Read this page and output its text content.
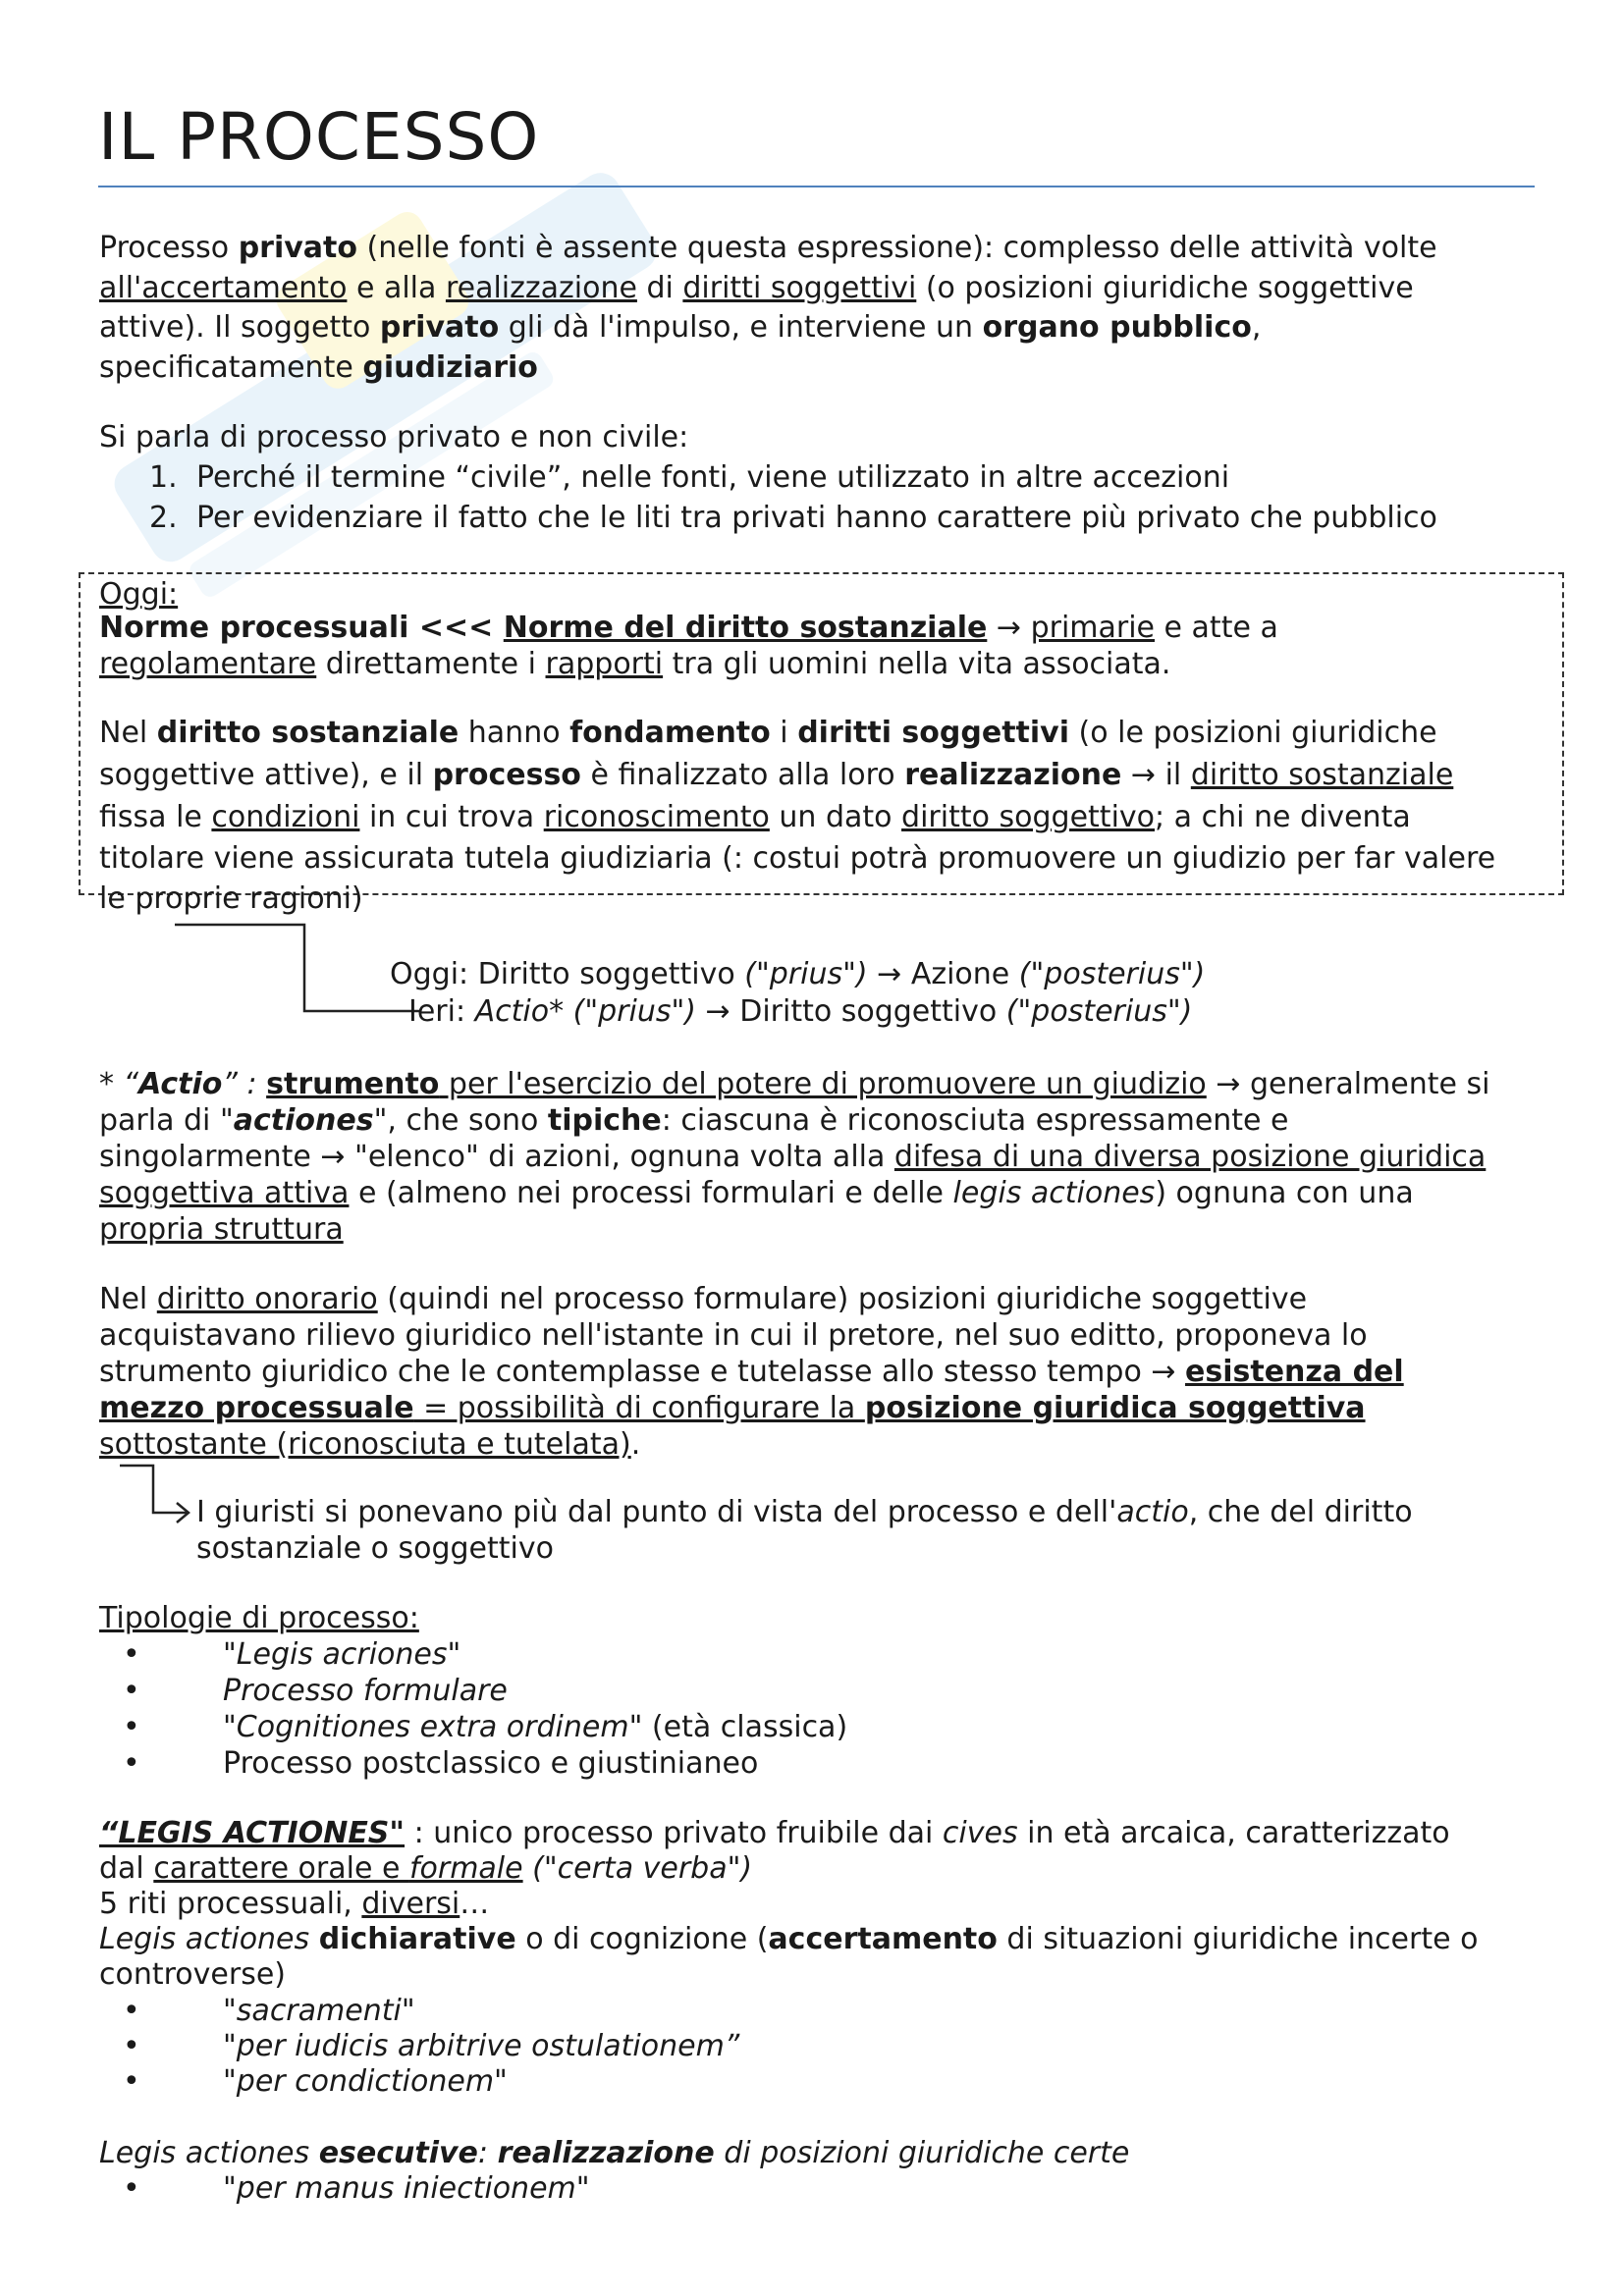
IL PROCESSO
Processo privato (nelle fonti è assente questa espressione): complesso delle attività volte
all'accertamento e alla realizzazione di diritti soggettivi (o posizioni giuridiche soggettive
attive). Il soggetto privato gli dà l'impulso, e interviene un organo pubblico,
specificatamente giudiziario
Si parla di processo privato e non civile:
1. Perché il termine “civile”, nelle fonti, viene utilizzato in altre accezioni
2. Per evidenziare il fatto che le liti tra privati hanno carattere più privato che pubblico
Oggi:
Norme processuali <<< Norme del diritto sostanziale → primarie e atte a
regolamentare direttamente i rapporti tra gli uomini nella vita associata.
Nel diritto sostanziale hanno fondamento i diritti soggettivi (o le posizioni giuridiche
soggettive attive), e il processo è finalizzato alla loro realizzazione → il diritto sostanziale
fissa le condizioni in cui trova riconoscimento un dato diritto soggettivo; a chi ne diventa
titolare viene assicurata tutela giudiziaria (: costui potrà promuovere un giudizio per far valere
le proprie ragioni)
Oggi: Diritto soggettivo ("prius") → Azione ("posterius")
Ieri: Actio* ("prius") → Diritto soggettivo ("posterius")
* “Actio” : strumento per l'esercizio del potere di promuovere un giudizio → generalmente si
parla di "actiones", che sono tipiche: ciascuna è riconosciuta espressamente e
singolarmente → "elenco" di azioni, ognuna volta alla difesa di una diversa posizione giuridica
soggettiva attiva e (almeno nei processi formulari e delle legis actiones) ognuna con una
propria struttura
Nel diritto onorario (quindi nel processo formulare) posizioni giuridiche soggettive
acquistavano rilievo giuridico nell'istante in cui il pretore, nel suo editto, proponeva lo
strumento giuridico che le contemplasse e tutelasse allo stesso tempo → esistenza del
mezzo processuale = possibilità di configurare la posizione giuridica soggettiva
sottostante (riconosciuta e tutelata).
I giuristi si ponevano più dal punto di vista del processo e dell'actio, che del diritto
sostanziale o soggettivo
Tipologie di processo:
•	"Legis acriones"
•	Processo formulare
•	"Cognitiones extra ordinem" (età classica)
•	Processo postclassico e giustinianeo
“LEGIS ACTIONES" : unico processo privato fruibile dai cives in età arcaica, caratterizzato
dal carattere orale e formale ("certa verba")
5 riti processuali, diversi…
Legis actiones dichiarative o di cognizione (accertamento di situazioni giuridiche incerte o
controverse)
•	"sacramenti"
•	"per iudicis arbitrive ostulationem”
•	"per condictionem"
Legis actiones esecutive: realizzazione di posizioni giuridiche certe
•	"per manus iniectionem"
